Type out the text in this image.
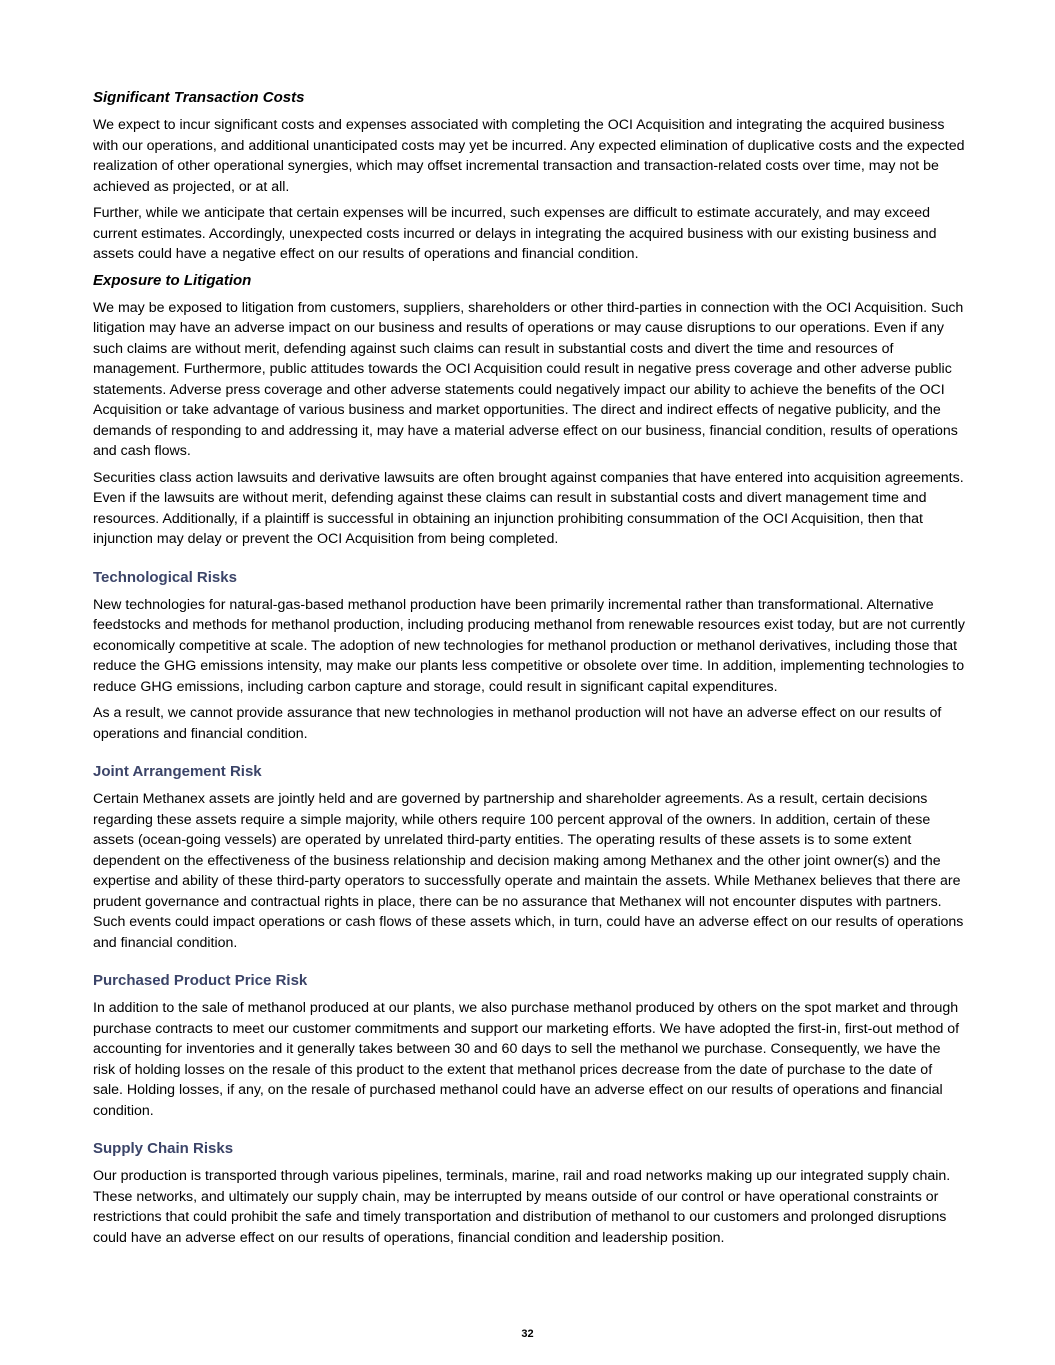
Significant Transaction Costs

We expect to incur significant costs and expenses associated with completing the OCI Acquisition and integrating the acquired business with our operations, and additional unanticipated costs may yet be incurred. Any expected elimination of duplicative costs and the expected realization of other operational synergies, which may offset incremental transaction and transaction-related costs over time, may not be achieved as projected, or at all.

Further, while we anticipate that certain expenses will be incurred, such expenses are difficult to estimate accurately, and may exceed current estimates. Accordingly, unexpected costs incurred or delays in integrating the acquired business with our existing business and assets could have a negative effect on our results of operations and financial condition.

Exposure to Litigation

We may be exposed to litigation from customers, suppliers, shareholders or other third-parties in connection with the OCI Acquisition. Such litigation may have an adverse impact on our business and results of operations or may cause disruptions to our operations. Even if any such claims are without merit, defending against such claims can result in substantial costs and divert the time and resources of management. Furthermore, public attitudes towards the OCI Acquisition could result in negative press coverage and other adverse public statements. Adverse press coverage and other adverse statements could negatively impact our ability to achieve the benefits of the OCI Acquisition or take advantage of various business and market opportunities. The direct and indirect effects of negative publicity, and the demands of responding to and addressing it, may have a material adverse effect on our business, financial condition, results of operations and cash flows.

Securities class action lawsuits and derivative lawsuits are often brought against companies that have entered into acquisition agreements. Even if the lawsuits are without merit, defending against these claims can result in substantial costs and divert management time and resources. Additionally, if a plaintiff is successful in obtaining an injunction prohibiting consummation of the OCI Acquisition, then that injunction may delay or prevent the OCI Acquisition from being completed.

Technological Risks

New technologies for natural-gas-based methanol production have been primarily incremental rather than transformational. Alternative feedstocks and methods for methanol production, including producing methanol from renewable resources exist today, but are not currently economically competitive at scale. The adoption of new technologies for methanol production or methanol derivatives, including those that reduce the GHG emissions intensity, may make our plants less competitive or obsolete over time. In addition, implementing technologies to reduce GHG emissions, including carbon capture and storage, could result in significant capital expenditures.

As a result, we cannot provide assurance that new technologies in methanol production will not have an adverse effect on our results of operations and financial condition.

Joint Arrangement Risk

Certain Methanex assets are jointly held and are governed by partnership and shareholder agreements. As a result, certain decisions regarding these assets require a simple majority, while others require 100 percent approval of the owners. In addition, certain of these assets (ocean-going vessels) are operated by unrelated third-party entities. The operating results of these assets is to some extent dependent on the effectiveness of the business relationship and decision making among Methanex and the other joint owner(s) and the expertise and ability of these third-party operators to successfully operate and maintain the assets. While Methanex believes that there are prudent governance and contractual rights in place, there can be no assurance that Methanex will not encounter disputes with partners. Such events could impact operations or cash flows of these assets which, in turn, could have an adverse effect on our results of operations and financial condition.

Purchased Product Price Risk

In addition to the sale of methanol produced at our plants, we also purchase methanol produced by others on the spot market and through purchase contracts to meet our customer commitments and support our marketing efforts. We have adopted the first-in, first-out method of accounting for inventories and it generally takes between 30 and 60 days to sell the methanol we purchase. Consequently, we have the risk of holding losses on the resale of this product to the extent that methanol prices decrease from the date of purchase to the date of sale. Holding losses, if any, on the resale of purchased methanol could have an adverse effect on our results of operations and financial condition.

Supply Chain Risks

Our production is transported through various pipelines, terminals, marine, rail and road networks making up our integrated supply chain. These networks, and ultimately our supply chain, may be interrupted by means outside of our control or have operational constraints or restrictions that could prohibit the safe and timely transportation and distribution of methanol to our customers and prolonged disruptions could have an adverse effect on our results of operations, financial condition and leadership position.

32
